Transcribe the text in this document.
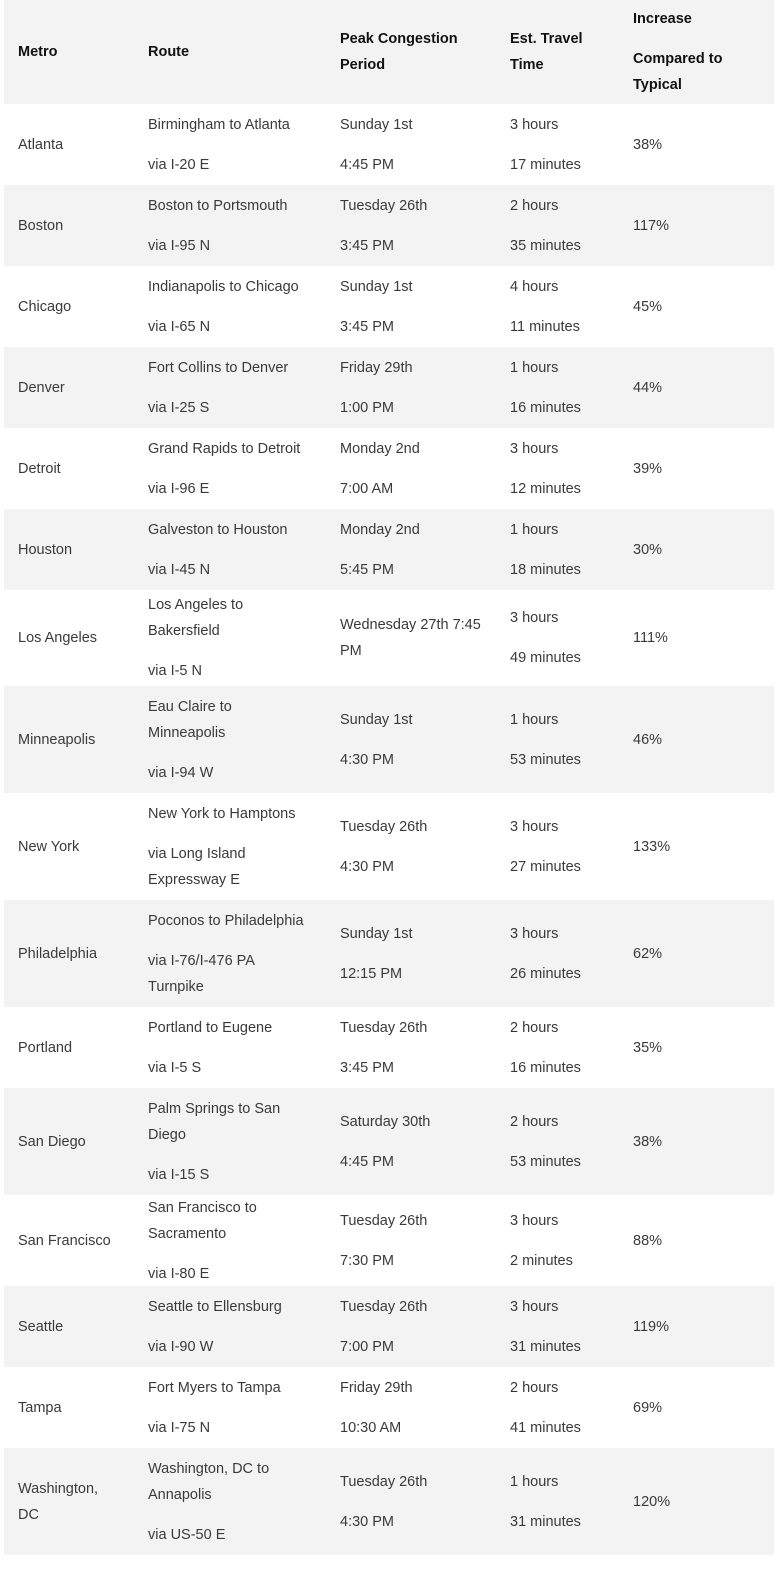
Metro	Route
Peak Congestion
Period
Est. Travel
Time
Increase
Compared to
Typical
Atlanta
Birmingham to Atlanta
via I-20 E
Sunday 1st
4:45 PM
3 hours
17 minutes
38%
Boston
Boston to Portsmouth
via I-95 N
Tuesday 26th
3:45 PM
2 hours
35 minutes
117%
Chicago
Indianapolis to Chicago
via I-65 N
Sunday 1st
3:45 PM
4 hours
11 minutes
45%
Denver
Fort Collins to Denver
via I-25 S
Friday 29th
1:00 PM
1 hours
16 minutes
44%
Detroit
Grand Rapids to Detroit
via I-96 E
Monday 2nd
7:00 AM
3 hours
12 minutes
39%
Houston
Galveston to Houston
via I-45 N
Monday 2nd
5:45 PM
1 hours
18 minutes
30%
Los Angeles
Los Angeles to
Bakersfield
via I-5 N
Wednesday 27th 7:45
PM
3 hours
49 minutes
111%
Minneapolis
Eau Claire to
Minneapolis
via I-94 W
Sunday 1st
4:30 PM
1 hours
53 minutes
46%
New York
New York to Hamptons
via Long Island
Expressway E
Tuesday 26th
4:30 PM
3 hours
27 minutes
133%
Philadelphia
Poconos to Philadelphia
via I-76/I-476 PA
Turnpike
Sunday 1st
12:15 PM
3 hours
26 minutes
62%
Portland
Portland to Eugene
via I-5 S
Tuesday 26th
3:45 PM
2 hours
16 minutes
35%
San Diego
Palm Springs to San
Diego
via I-15 S
Saturday 30th
4:45 PM
2 hours
53 minutes
38%
San Francisco
San Francisco to
Sacramento
via I-80 E
Tuesday 26th
7:30 PM
3 hours
2 minutes
88%
Seattle
Seattle to Ellensburg
via I-90 W
Tuesday 26th
7:00 PM
3 hours
31 minutes
119%
Tampa
Fort Myers to Tampa
via I-75 N
Friday 29th
10:30 AM
2 hours
41 minutes
69%
Washington,
DC
Washington, DC to
Annapolis
via US-50 E
Tuesday 26th
4:30 PM
1 hours
31 minutes
120%
